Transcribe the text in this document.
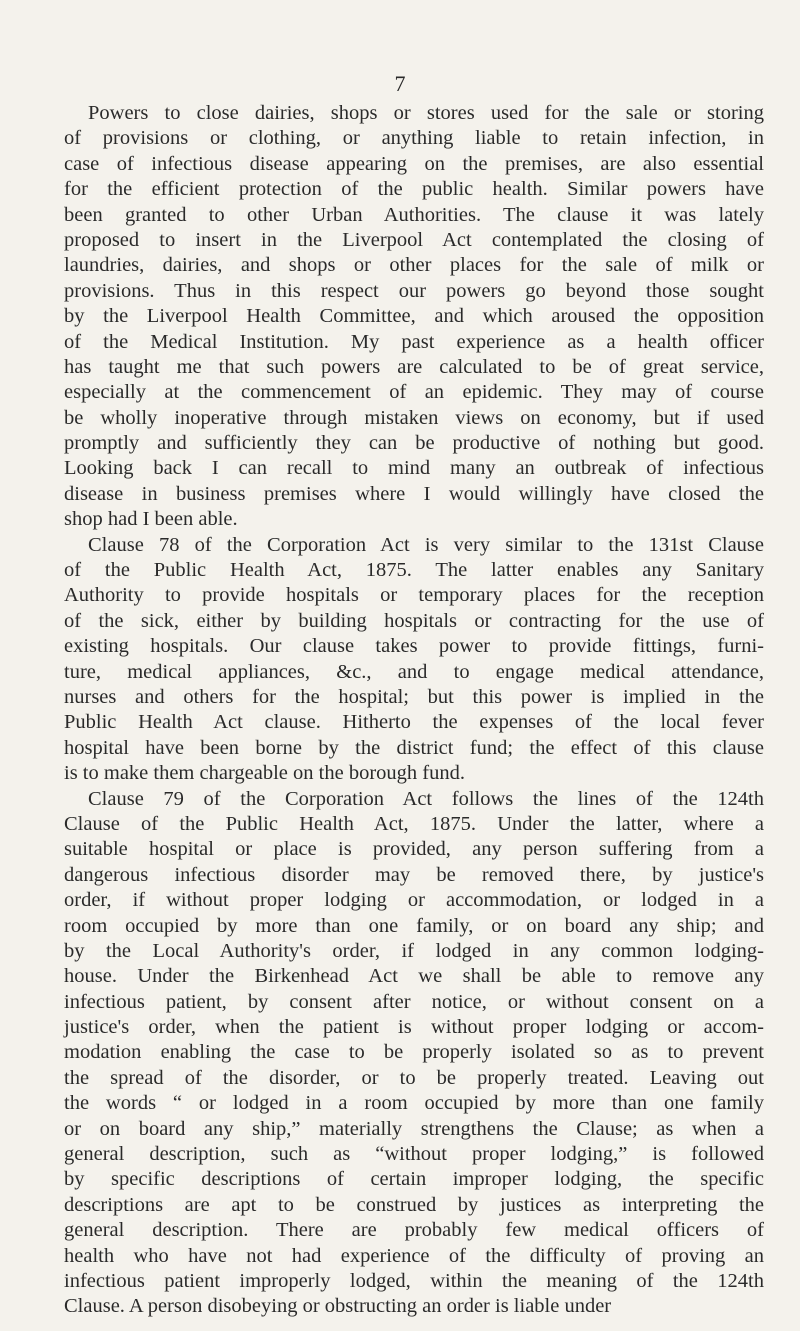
7
Powers to close dairies, shops or stores used for the sale or storing
of provisions or clothing, or anything liable to retain infection, in
case of infectious disease appearing on the premises, are also essential
for the efficient protection of the public health. Similar powers have
been granted to other Urban Authorities. The clause it was lately
proposed to insert in the Liverpool Act contemplated the closing of
laundries, dairies, and shops or other places for the sale of milk or
provisions. Thus in this respect our powers go beyond those sought
by the Liverpool Health Committee, and which aroused the opposition
of the Medical Institution. My past experience as a health officer
has taught me that such powers are calculated to be of great service,
especially at the commencement of an epidemic. They may of course
be wholly inoperative through mistaken views on economy, but if used
promptly and sufficiently they can be productive of nothing but good.
Looking back I can recall to mind many an outbreak of infectious
disease in business premises where I would willingly have closed the
shop had I been able.
Clause 78 of the Corporation Act is very similar to the 131st Clause
of the Public Health Act, 1875. The latter enables any Sanitary
Authority to provide hospitals or temporary places for the reception
of the sick, either by building hospitals or contracting for the use of
existing hospitals. Our clause takes power to provide fittings, furni-
ture, medical appliances, &c., and to engage medical attendance,
nurses and others for the hospital; but this power is implied in the
Public Health Act clause. Hitherto the expenses of the local fever
hospital have been borne by the district fund; the effect of this clause
is to make them chargeable on the borough fund.
Clause 79 of the Corporation Act follows the lines of the 124th
Clause of the Public Health Act, 1875. Under the latter, where a
suitable hospital or place is provided, any person suffering from a
dangerous infectious disorder may be removed there, by justice's
order, if without proper lodging or accommodation, or lodged in a
room occupied by more than one family, or on board any ship; and
by the Local Authority's order, if lodged in any common lodging-
house. Under the Birkenhead Act we shall be able to remove any
infectious patient, by consent after notice, or without consent on a
justice's order, when the patient is without proper lodging or accom-
modation enabling the case to be properly isolated so as to prevent
the spread of the disorder, or to be properly treated. Leaving out
the words “ or lodged in a room occupied by more than one family
or on board any ship,” materially strengthens the Clause; as when a
general description, such as “without proper lodging,” is followed
by specific descriptions of certain improper lodging, the specific
descriptions are apt to be construed by justices as interpreting the
general description. There are probably few medical officers of
health who have not had experience of the difficulty of proving an
infectious patient improperly lodged, within the meaning of the 124th
Clause. A person disobeying or obstructing an order is liable under
